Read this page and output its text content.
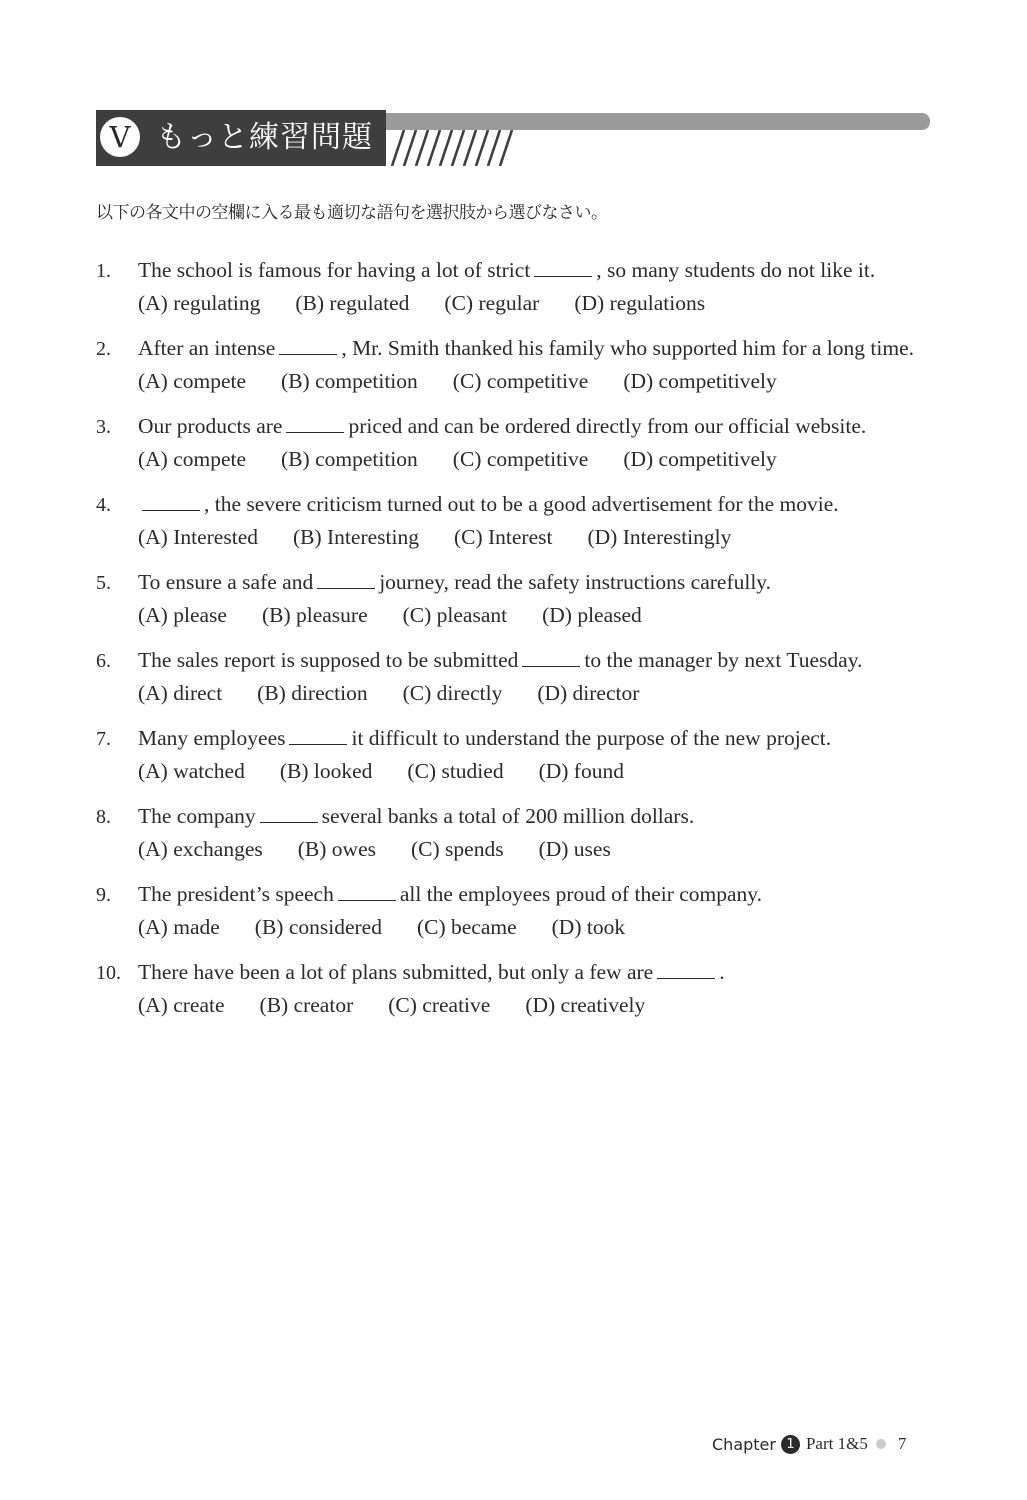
V もっと練習問題
以下の各文中の空欄に入る最も適切な語句を選択肢から選びなさい。
1.	The school is famous for having a lot of strict	, so many students do not like it.
(A) regulating (B) regulated (C) regular (D) regulations
2.	After an intense	, Mr. Smith thanked his family who supported him for a long time.
(A) compete (B) competition (C) competitive (D) competitively
3.	Our products are	priced and can be ordered directly from our official website.
(A) compete (B) competition (C) competitive (D) competitively
4.	, the severe criticism turned out to be a good advertisement for the movie.
(A) Interested (B) Interesting (C) Interest (D) Interestingly
5.	To ensure a safe and	journey, read the safety instructions carefully.
(A) please (B) pleasure (C) pleasant (D) pleased
6.	The sales report is supposed to be submitted	to the manager by next Tuesday.
(A) direct (B) direction (C) directly (D) director
7.	Many employees	it difficult to understand the purpose of the new project.
(A) watched (B) looked (C) studied (D) found
8.	The company	several banks a total of 200 million dollars.
(A) exchanges (B) owes (C) spends (D) uses
9.	The president’s speech	all the employees proud of their company.
(A) made (B) considered (C) became (D) took
10. There have been a lot of plans submitted, but only a few are	.
(A) create (B) creator (C) creative (D) creatively
Chapter 1 Part 1&5 7
